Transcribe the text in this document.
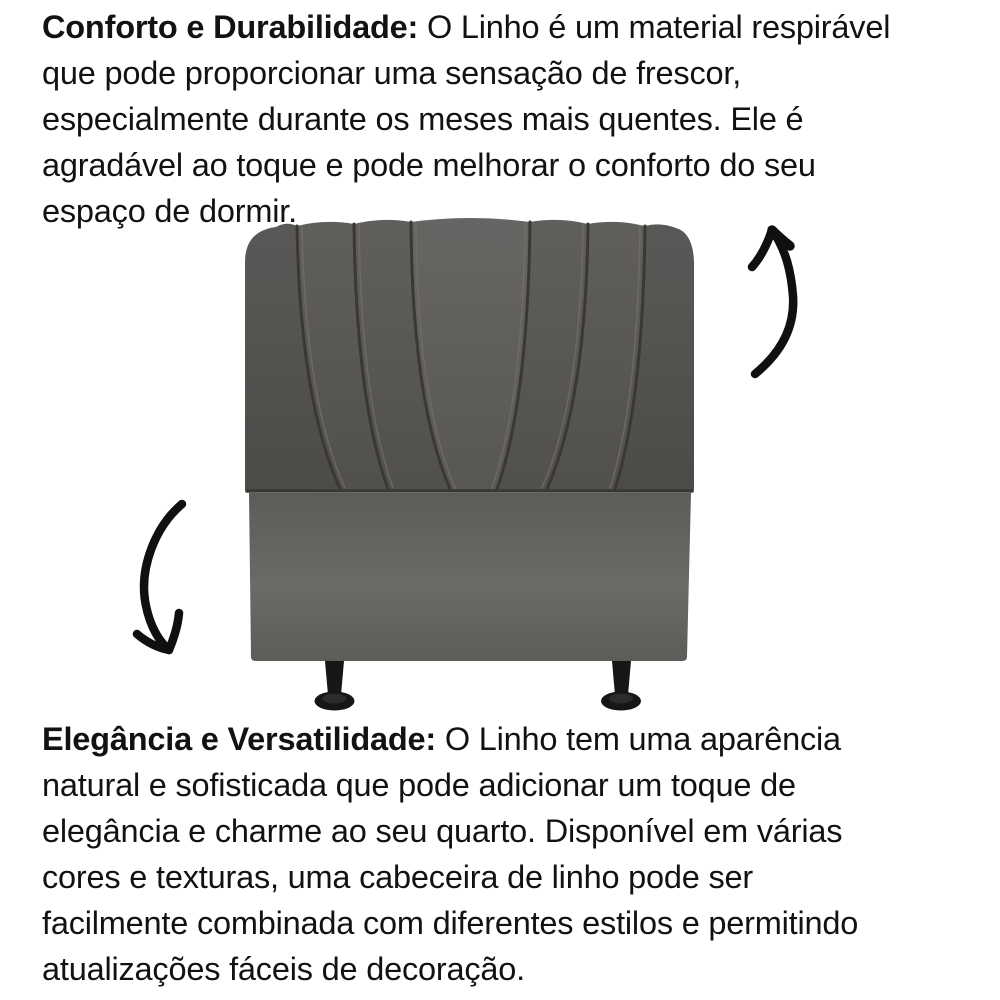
Conforto e Durabilidade: O Linho é um material respirável
que pode proporcionar uma sensação de frescor,
especialmente durante os meses mais quentes. Ele é
agradável ao toque e pode melhorar o conforto do seu
espaço de dormir.
Elegância e Versatilidade: O Linho tem uma aparência
natural e sofisticada que pode adicionar um toque de
elegância e charme ao seu quarto. Disponível em várias
cores e texturas, uma cabeceira de linho pode ser
facilmente combinada com diferentes estilos e permitindo
atualizações fáceis de decoração.
